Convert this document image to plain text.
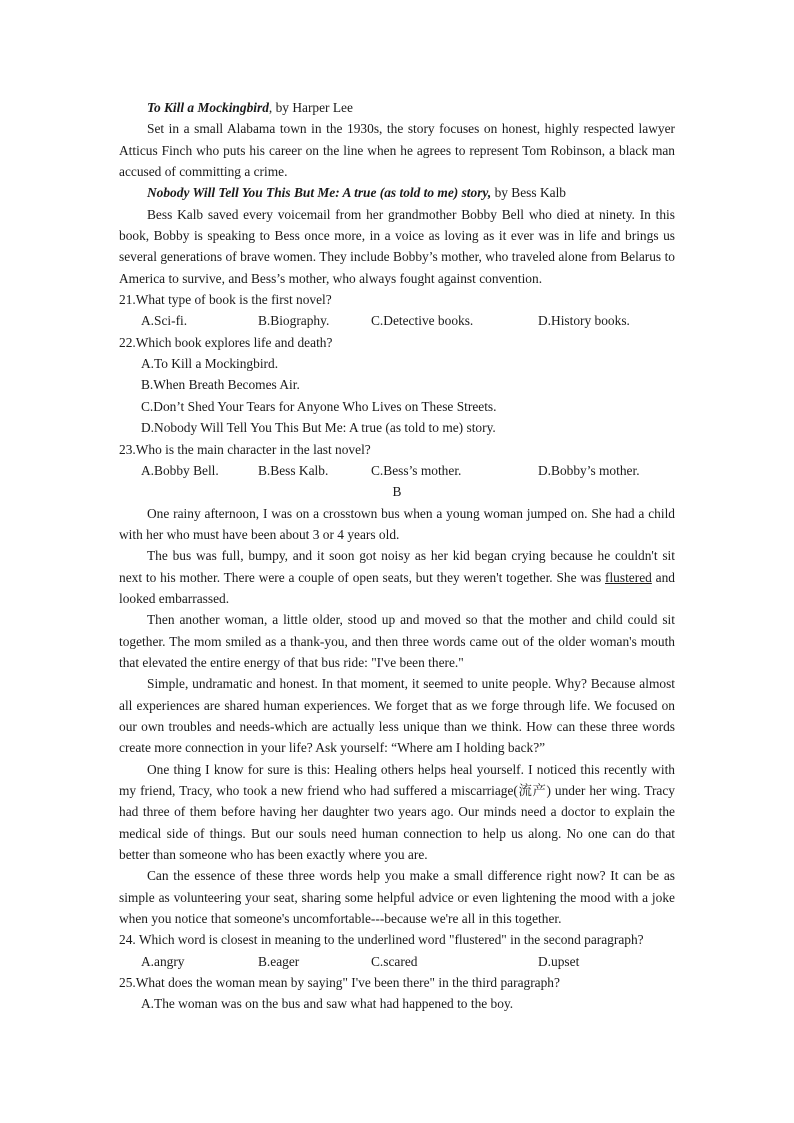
To Kill a Mockingbird, by Harper Lee

Set in a small Alabama town in the 1930s, the story focuses on honest, highly respected lawyer Atticus Finch who puts his career on the line when he agrees to represent Tom Robinson, a black man accused of committing a crime.

Nobody Will Tell You This But Me: A true (as told to me) story, by Bess Kalb

Bess Kalb saved every voicemail from her grandmother Bobby Bell who died at ninety. In this book, Bobby is speaking to Bess once more, in a voice as loving as it ever was in life and brings us several generations of brave women. They include Bobby’s mother, who traveled alone from Belarus to America to survive, and Bess’s mother, who always fought against convention.

21.What type of book is the first novel?

A.Sci-fi.	B.Biography.	C.Detective books.	D.History books.

22.Which book explores life and death?

A.To Kill a Mockingbird.

B.When Breath Becomes Air.

C.Don’t Shed Your Tears for Anyone Who Lives on These Streets.

D.Nobody Will Tell You This But Me: A true (as told to me) story.

23.Who is the main character in the last novel?

A.Bobby Bell.	B.Bess Kalb.	C.Bess’s mother.	D.Bobby’s mother.

B

One rainy afternoon, I was on a crosstown bus when a young woman jumped on. She had a child with her who must have been about 3 or 4 years old.

The bus was full, bumpy, and it soon got noisy as her kid began crying because he couldn't sit next to his mother. There were a couple of open seats, but they weren't together. She was flustered and looked embarrassed.

Then another woman, a little older, stood up and moved so that the mother and child could sit together. The mom smiled as a thank-you, and then three words came out of the older woman's mouth that elevated the entire energy of that bus ride: "I've been there."

Simple, undramatic and honest. In that moment, it seemed to unite people. Why? Because almost all experiences are shared human experiences. We forget that as we forge through life. We focused on our own troubles and needs-which are actually less unique than we think. How can these three words create more connection in your life? Ask yourself: “Where am I holding back?”

One thing I know for sure is this: Healing others helps heal yourself. I noticed this recently with my friend, Tracy, who took a new friend who had suffered a miscarriage(流产) under her wing. Tracy had three of them before having her daughter two years ago. Our minds need a doctor to explain the medical side of things. But our souls need human connection to help us along. No one can do that better than someone who has been exactly where you are.

Can the essence of these three words help you make a small difference right now? It can be as simple as volunteering your seat, sharing some helpful advice or even lightening the mood with a joke when you notice that someone's uncomfortable---because we're all in this together.

24. Which word is closest in meaning to the underlined word "flustered" in the second paragraph?

A.angry	B.eager	C.scared	D.upset

25.What does the woman mean by saying" I've been there" in the third paragraph?

A.The woman was on the bus and saw what had happened to the boy.
